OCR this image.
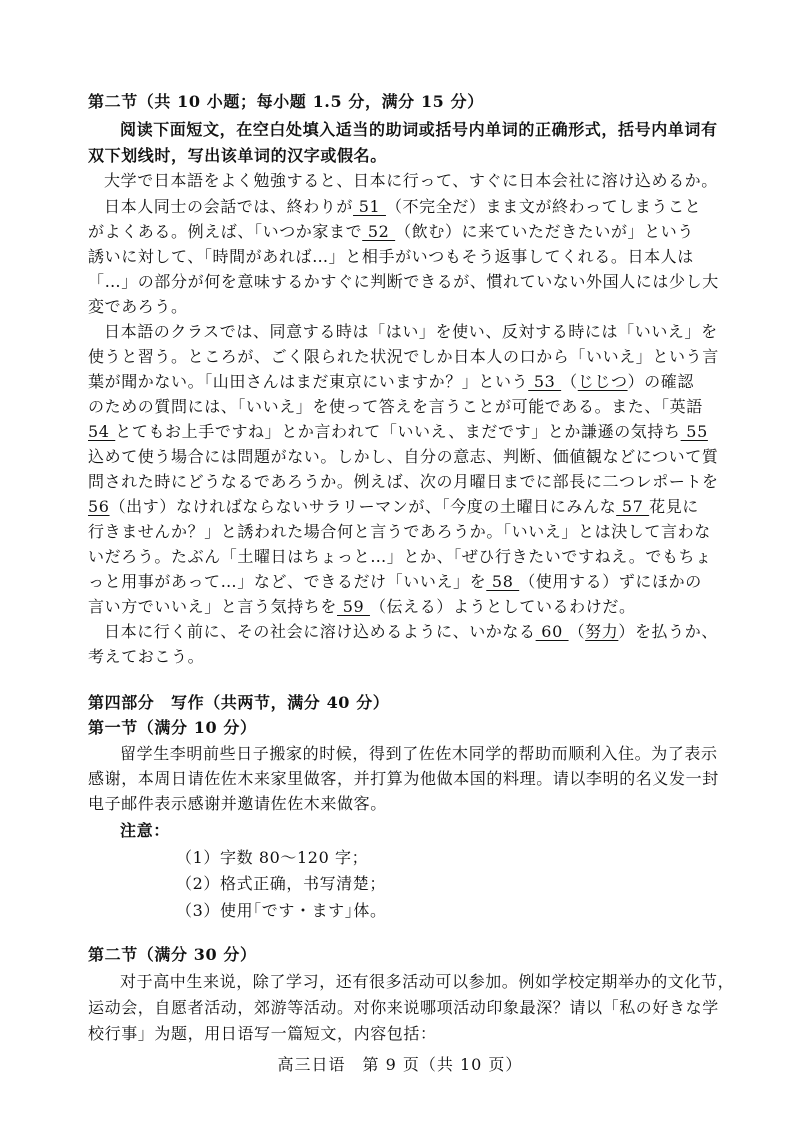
第二节（共 10 小题；每小题 1.5 分，满分 15 分）
阅读下面短文，在空白处填入适当的助词或括号内单词的正确形式，括号内单词有
双下划线时，写出该单词的汉字或假名。
大学で日本語をよく勉強すると、日本に行って、すぐに日本会社に溶け込めるか。
日本人同士の会話では、終わりが 51 （不完全だ）まま文が終わってしまうこと
がよくある。例えば、「いつか家まで 52 （飲む）に来ていただきたいが」という
誘いに対して、「時間があれば…」と相手がいつもそう返事してくれる。日本人は
「…」の部分が何を意味するかすぐに判断できるが、慣れていない外国人には少し大
変であろう。
日本語のクラスでは、同意する時は「はい」を使い、反対する時には「いいえ」を
使うと習う。ところが、ごく限られた状況でしか日本人の口から「いいえ」という言
葉が聞かない。「山田さんはまだ東京にいますか？」という 53 （じじつ）の確認
のための質問には、「いいえ」を使って答えを言うことが可能である。また、「英語
54 とてもお上手ですね」とか言われて「いいえ、まだです」とか謙遜の気持ち 55
込めて使う場合には問題がない。しかし、自分の意志、判断、価値観などについて質
問された時にどうなるであろうか。例えば、次の月曜日までに部長に二つレポートを
56（出す）なければならないサラリーマンが、「今度の土曜日にみんな 57 花見に
行きませんか？」と誘われた場合何と言うであろうか。「いいえ」とは決して言わな
いだろう。たぶん「土曜日はちょっと…」とか、「ぜひ行きたいですねえ。でもちょ
っと用事があって…」など、できるだけ「いいえ」を 58 （使用する）ずにほかの
言い方でいいえ」と言う気持ちを 59 （伝える）ようとしているわけだ。
日本に行く前に、その社会に溶け込めるように、いかなる 60 （努力）を払うか、
考えておこう。
第四部分　写作（共两节，满分 40 分）
第一节（满分 10 分）
留学生李明前些日子搬家的时候，得到了佐佐木同学的帮助而顺利入住。为了表示
感谢，本周日请佐佐木来家里做客，并打算为他做本国的料理。请以李明的名义发一封
电子邮件表示感谢并邀请佐佐木来做客。
注意：
（1）字数 80～120 字；
（2）格式正确，书写清楚；
（3）使用｢です・ます｣体。
第二节（满分 30 分）
对于高中生来说，除了学习，还有很多活动可以参加。例如学校定期举办的文化节，
运动会，自愿者活动，郊游等活动。对你来说哪项活动印象最深？请以「私の好きな学
校行事」为题，用日语写一篇短文，内容包括：
高三日语　第 9 页（共 10 页）
